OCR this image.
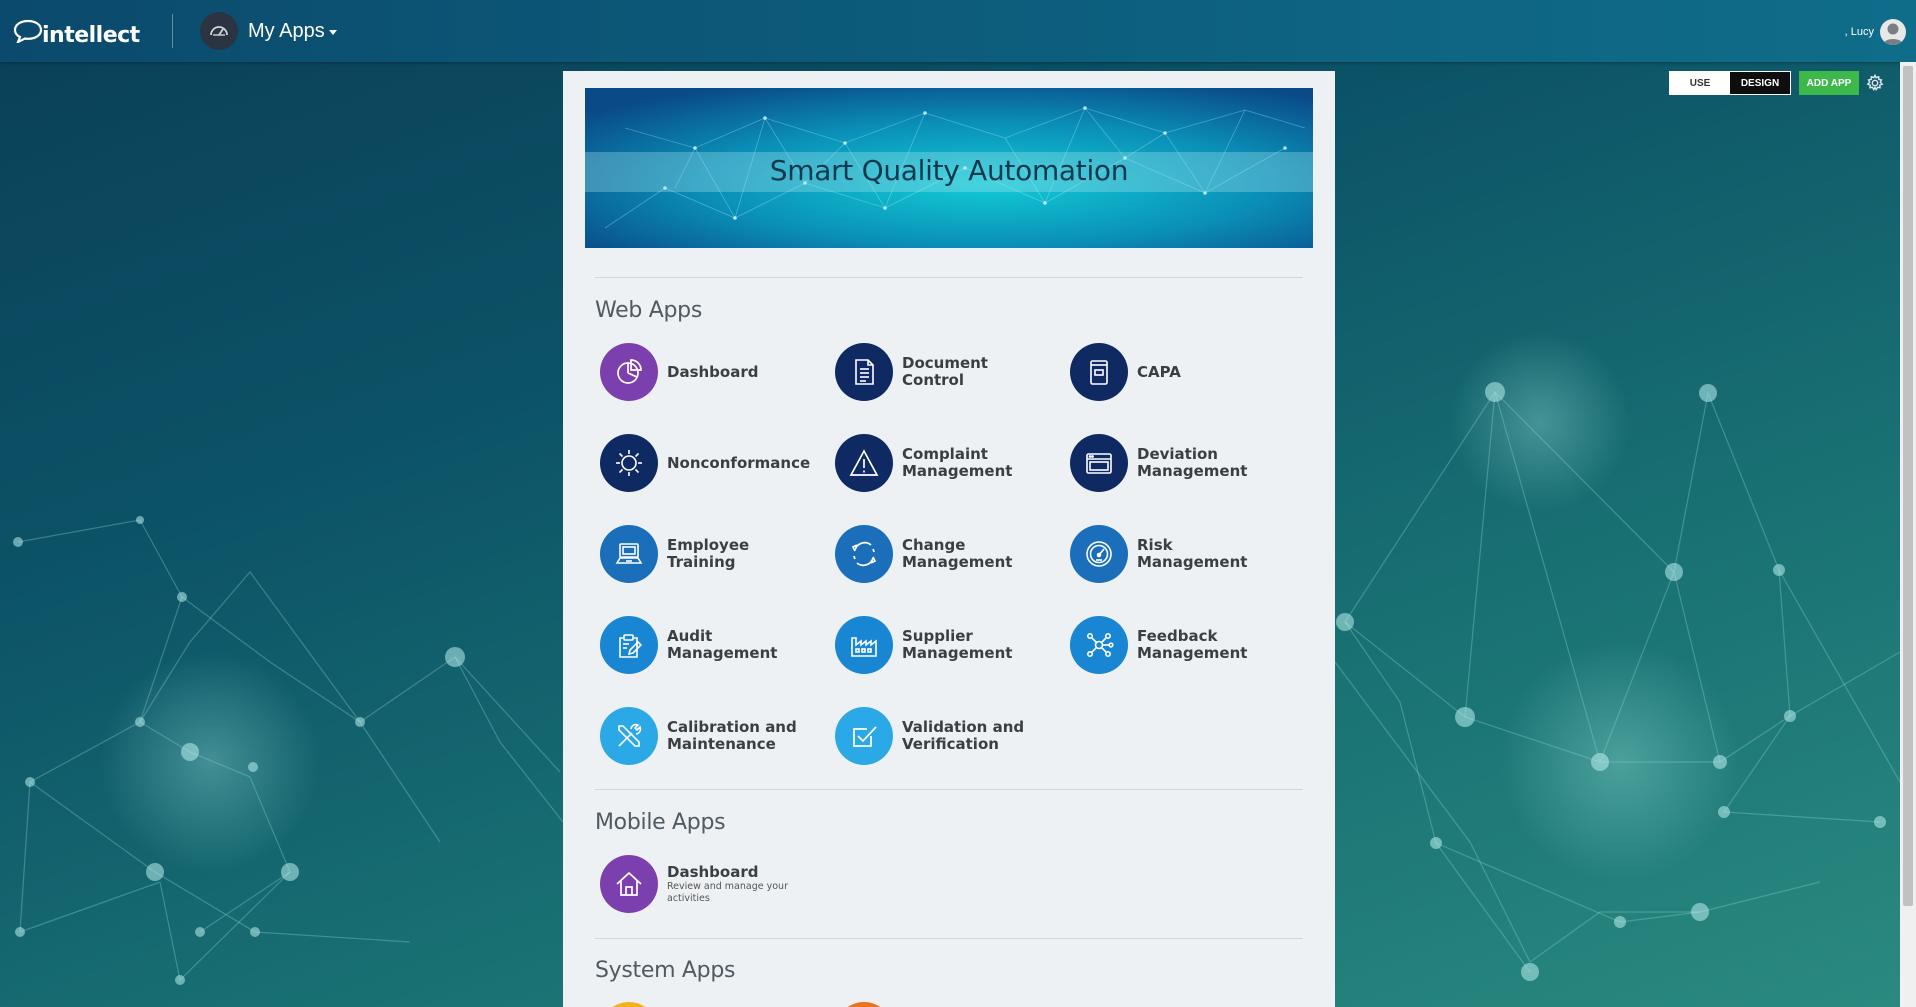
intellect	My Apps	, Lucy
USE	DESIGN	ADD APP
Smart Quality Automation
Web Apps
Dashboard	Document Control	CAPA
Nonconformance	Complaint Management
Deviation Management
Employee Training
Change Management
Risk Management
Audit Management
Supplier Management
Feedback Management
Calibration and Maintenance
Validation and Verification
Mobile Apps
Dashboard
Review and manage your activities
System Apps
